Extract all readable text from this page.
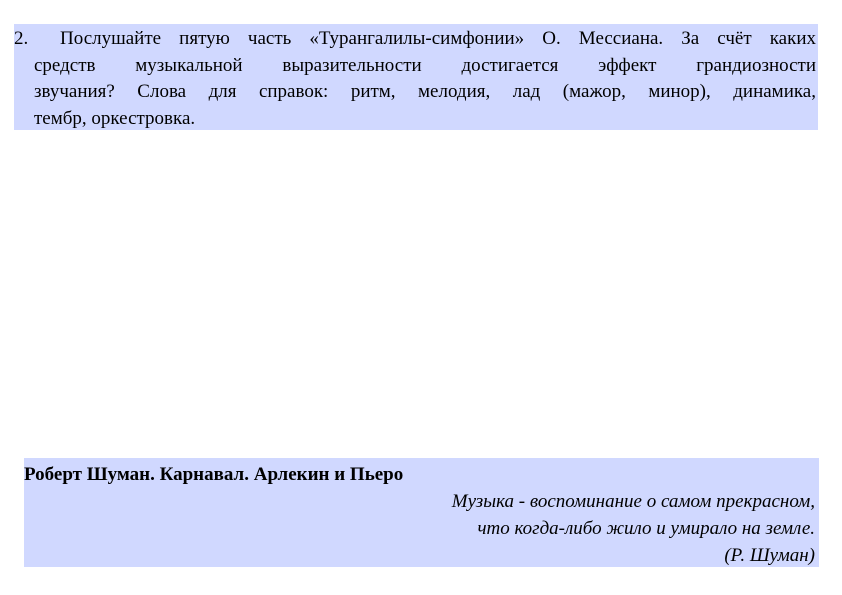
2. Послушайте пятую часть «Турангалилы-симфонии» О. Мессиана. За счёт каких
средств музыкальной выразительности достигается эффект грандиозности
звучания? Слова для справок: ритм, мелодия, лад (мажор, минор), динамика,
тембр, оркестровка.
Роберт Шуман. Карнавал. Арлекин и Пьеро
Музыка - воспоминание о самом прекрасном,
что когда-либо жило и умирало на земле.
(Р. Шуман)
